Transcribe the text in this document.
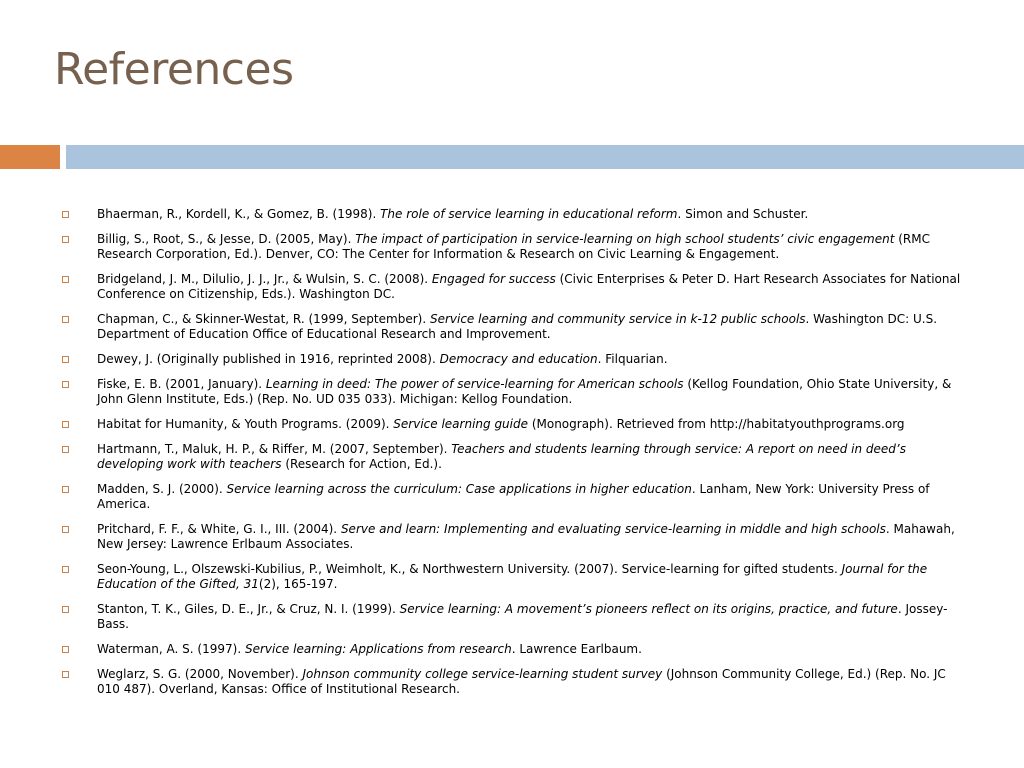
References
Bhaerman, R., Kordell, K., & Gomez, B. (1998). The role of service learning in educational reform. Simon and Schuster.
Billig, S., Root, S., & Jesse, D. (2005, May). The impact of participation in service-learning on high school students’ civic engagement (RMC Research Corporation, Ed.). Denver, CO: The Center for Information & Research on Civic Learning & Engagement.
Bridgeland, J. M., Dilulio, J. J., Jr., & Wulsin, S. C. (2008). Engaged for success (Civic Enterprises & Peter D. Hart Research Associates for National Conference on Citizenship, Eds.). Washington DC.
Chapman, C., & Skinner-Westat, R. (1999, September). Service learning and community service in k-12 public schools. Washington DC: U.S. Department of Education Office of Educational Research and Improvement.
Dewey, J. (Originally published in 1916, reprinted 2008). Democracy and education. Filquarian.
Fiske, E. B. (2001, January). Learning in deed: The power of service-learning for American schools (Kellog Foundation, Ohio State University, & John Glenn Institute, Eds.) (Rep. No. UD 035 033). Michigan: Kellog Foundation.
Habitat for Humanity, & Youth Programs. (2009). Service learning guide (Monograph). Retrieved from http://habitatyouthprograms.org
Hartmann, T., Maluk, H. P., & Riffer, M. (2007, September). Teachers and students learning through service: A report on need in deed’s developing work with teachers (Research for Action, Ed.).
Madden, S. J. (2000). Service learning across the curriculum: Case applications in higher education. Lanham, New York: University Press of America.
Pritchard, F. F., & White, G. I., III. (2004). Serve and learn: Implementing and evaluating service-learning in middle and high schools. Mahawah, New Jersey: Lawrence Erlbaum Associates.
Seon-Young, L., Olszewski-Kubilius, P., Weimholt, K., & Northwestern University. (2007). Service-learning for gifted students. Journal for the Education of the Gifted, 31(2), 165-197.
Stanton, T. K., Giles, D. E., Jr., & Cruz, N. I. (1999). Service learning: A movement’s pioneers reflect on its origins, practice, and future. Jossey-Bass.
Waterman, A. S. (1997). Service learning: Applications from research. Lawrence Earlbaum.
Weglarz, S. G. (2000, November). Johnson community college service-learning student survey (Johnson Community College, Ed.) (Rep. No. JC 010 487). Overland, Kansas: Office of Institutional Research.
